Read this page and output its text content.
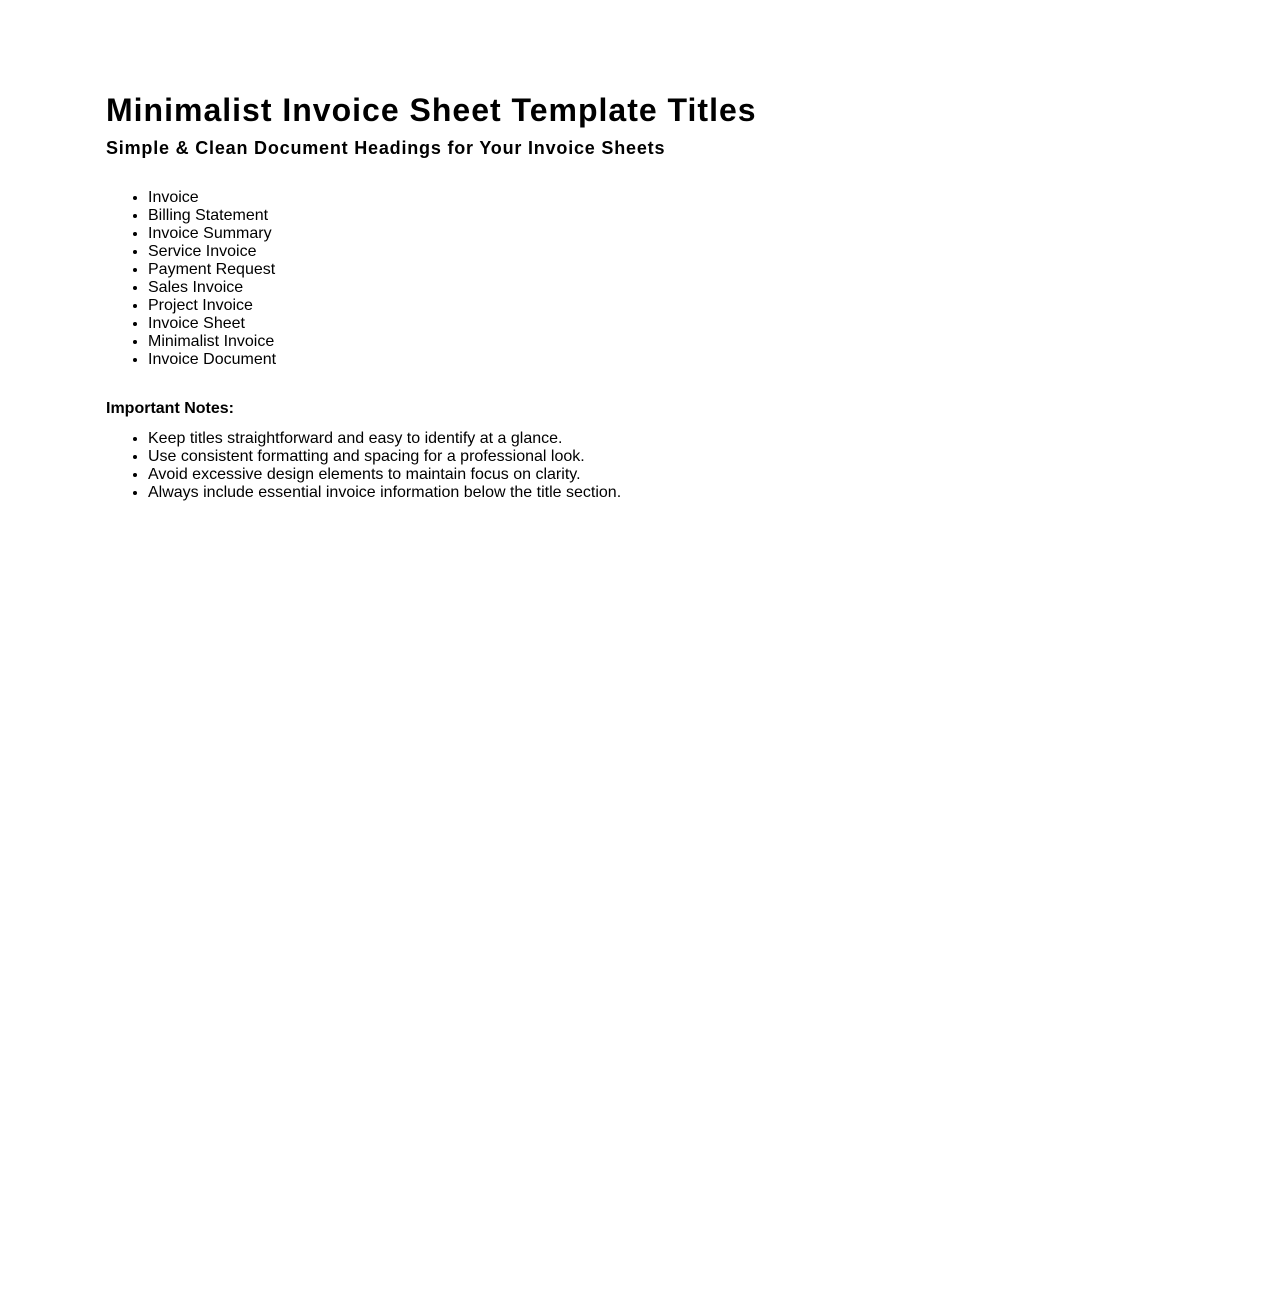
Minimalist Invoice Sheet Template Titles
Simple & Clean Document Headings for Your Invoice Sheets
• Invoice
• Billing Statement
• Invoice Summary
• Service Invoice
• Payment Request
• Sales Invoice
• Project Invoice
• Invoice Sheet
• Minimalist Invoice
• Invoice Document

Important Notes:

• Keep titles straightforward and easy to identify at a glance.
• Use consistent formatting and spacing for a professional look.
• Avoid excessive design elements to maintain focus on clarity.
• Always include essential invoice information below the title section.
